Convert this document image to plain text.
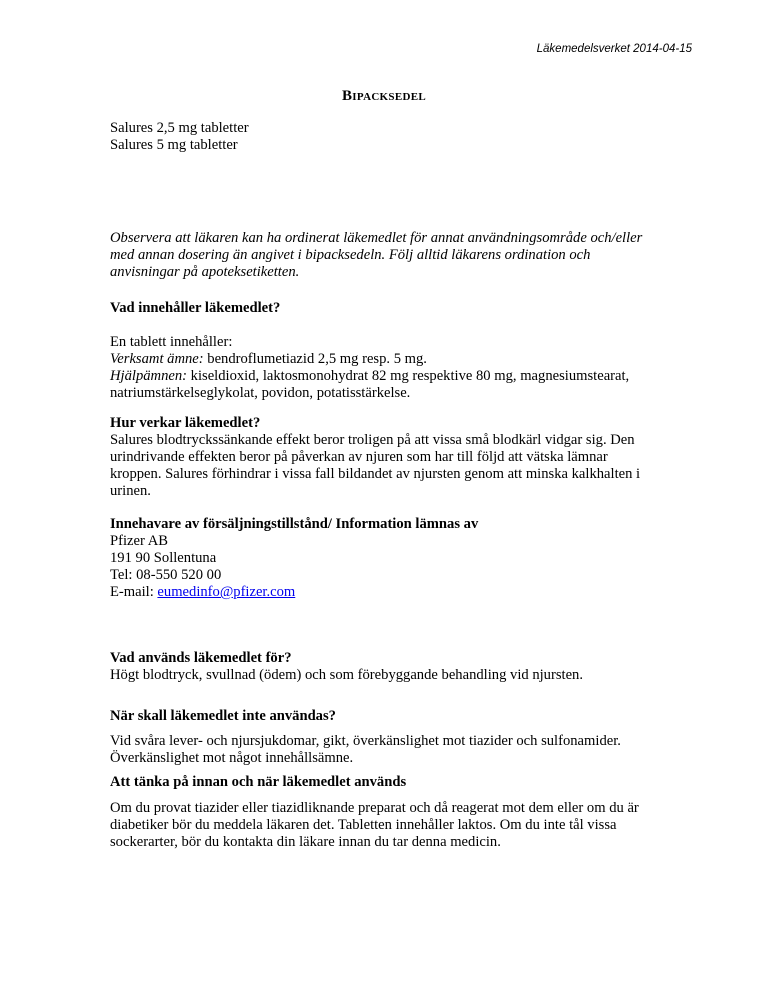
Läkemedelsverket 2014-04-15
Bipacksedel
Salures 2,5 mg tabletter
Salures 5 mg tabletter
Observera att läkaren kan ha ordinerat läkemedlet för annat användningsområde och/eller
med annan dosering än angivet i bipacksedeln. Följ alltid läkarens ordination och
anvisningar på apoteksetiketten.
Vad innehåller läkemedlet?
En tablett innehåller:
Verksamt ämne: bendroflumetiazid 2,5 mg resp. 5 mg.
Hjälpämnen: kiseldioxid, laktosmonohydrat 82 mg respektive 80 mg, magnesiumstearat,
natriumstärkelseglykolat, povidon, potatisstärkelse.
Hur verkar läkemedlet?
Salures blodtryckssänkande effekt beror troligen på att vissa små blodkärl vidgar sig. Den
urindrivande effekten beror på påverkan av njuren som har till följd att vätska lämnar
kroppen. Salures förhindrar i vissa fall bildandet av njursten genom att minska kalkhalten i
urinen.
Innehavare av försäljningstillstånd/ Information lämnas av
Pfizer AB
191 90 Sollentuna
Tel: 08-550 520 00
E-mail: eumedinfo@pfizer.com
Vad används läkemedlet för?
Högt blodtryck, svullnad (ödem) och som förebyggande behandling vid njursten.
När skall läkemedlet inte användas?
Vid svåra lever- och njursjukdomar, gikt, överkänslighet mot tiazider och sulfonamider.
Överkänslighet mot något innehållsämne.
Att tänka på innan och när läkemedlet används
Om du provat tiazider eller tiazidliknande preparat och då reagerat mot dem eller om du är
diabetiker bör du meddela läkaren det. Tabletten innehåller laktos. Om du inte tål vissa
sockerarter, bör du kontakta din läkare innan du tar denna medicin.
